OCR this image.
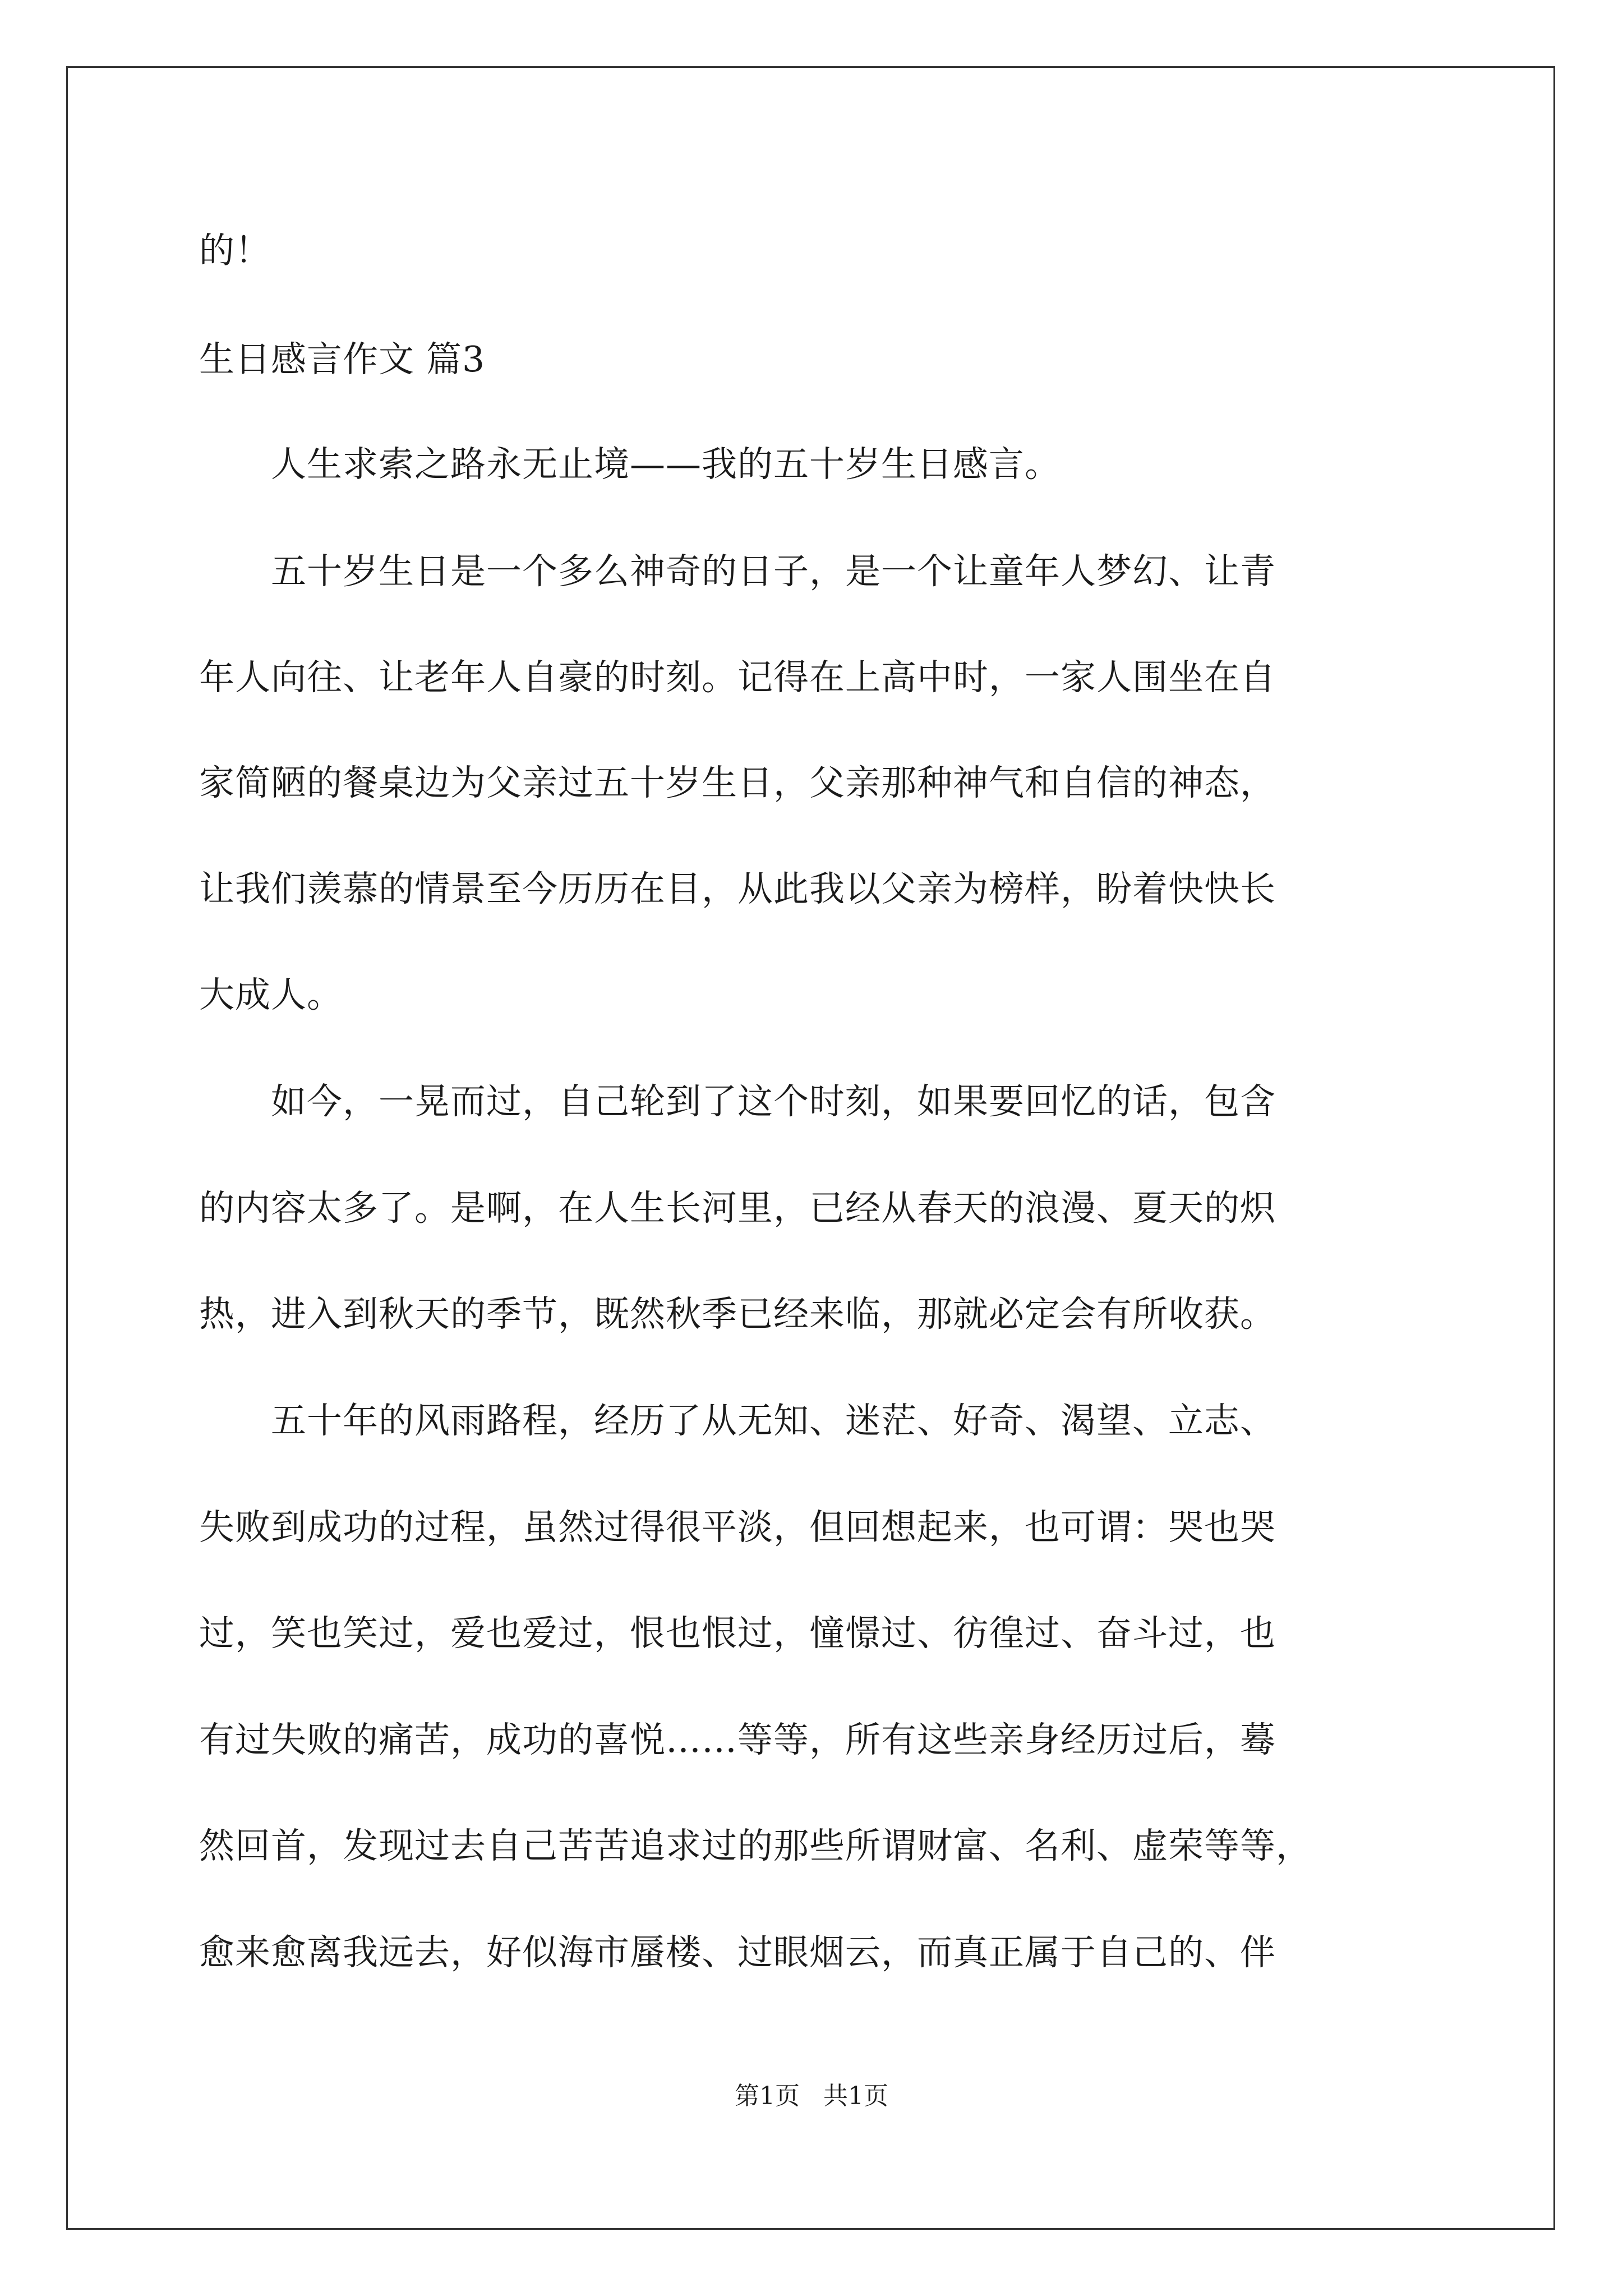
的！
生日感言作文 篇3
　　人生求索之路永无止境——我的五十岁生日感言。
　　五十岁生日是一个多么神奇的日子，是一个让童年人梦幻、让青
年人向往、让老年人自豪的时刻。记得在上高中时，一家人围坐在自
家简陋的餐桌边为父亲过五十岁生日，父亲那种神气和自信的神态，
让我们羡慕的情景至今历历在目，从此我以父亲为榜样，盼着快快长
大成人。
　　如今，一晃而过，自己轮到了这个时刻，如果要回忆的话，包含
的内容太多了。是啊，在人生长河里，已经从春天的浪漫、夏天的炽
热，进入到秋天的季节，既然秋季已经来临，那就必定会有所收获。
　　五十年的风雨路程，经历了从无知、迷茫、好奇、渴望、立志、
失败到成功的过程，虽然过得很平淡，但回想起来，也可谓：哭也哭
过，笑也笑过，爱也爱过，恨也恨过，憧憬过、彷徨过、奋斗过，也
有过失败的痛苦，成功的喜悦……等等，所有这些亲身经历过后，蓦
然回首，发现过去自己苦苦追求过的那些所谓财富、名利、虚荣等等，
愈来愈离我远去，好似海市蜃楼、过眼烟云，而真正属于自己的、伴
第1页   共1页
